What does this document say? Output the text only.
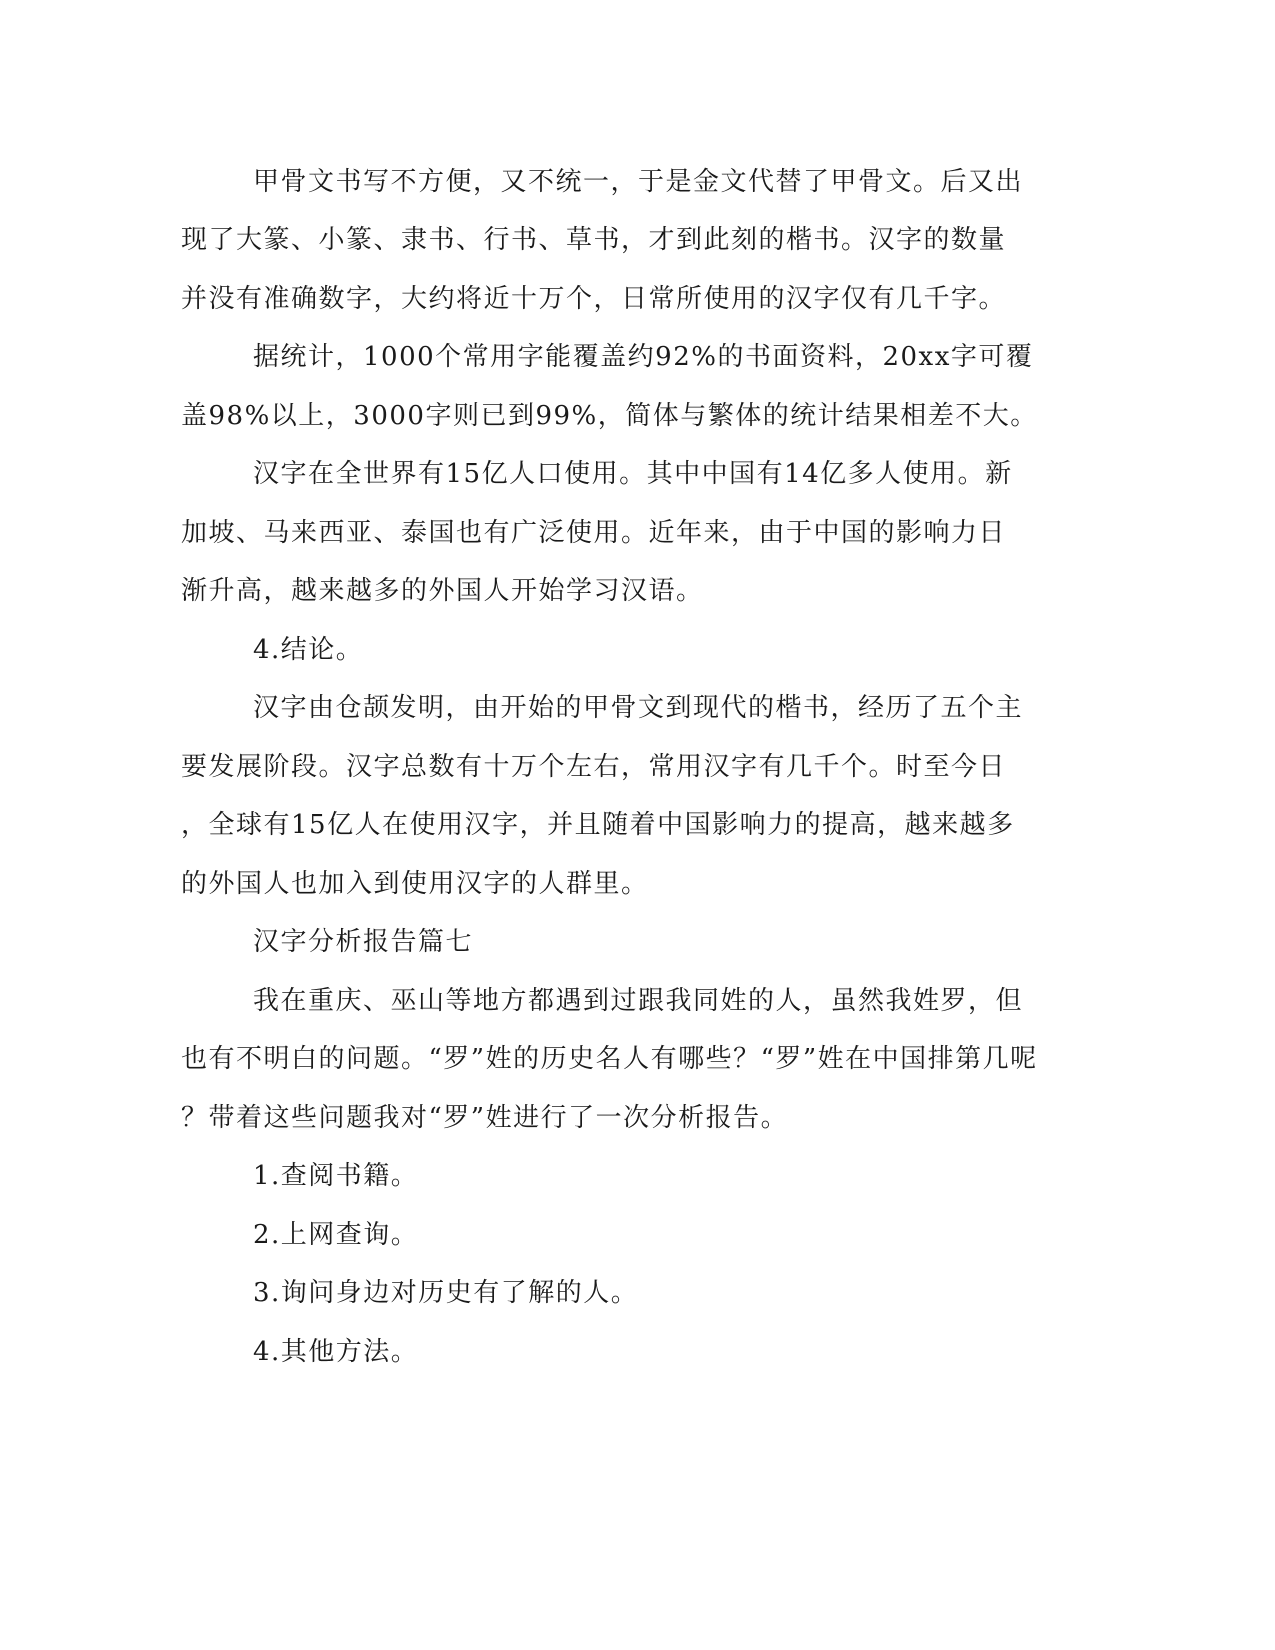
甲骨文书写不方便，又不统一，于是金文代替了甲骨文。后又出
现了大篆、小篆、隶书、行书、草书，才到此刻的楷书。汉字的数量
并没有准确数字，大约将近十万个，日常所使用的汉字仅有几千字。
据统计，1000个常用字能覆盖约92%的书面资料，20xx字可覆
盖98%以上，3000字则已到99%，简体与繁体的统计结果相差不大。
汉字在全世界有15亿人口使用。其中中国有14亿多人使用。新
加坡、马来西亚、泰国也有广泛使用。近年来，由于中国的影响力日
渐升高，越来越多的外国人开始学习汉语。
4.结论。
汉字由仓颉发明，由开始的甲骨文到现代的楷书，经历了五个主
要发展阶段。汉字总数有十万个左右，常用汉字有几千个。时至今日
，全球有15亿人在使用汉字，并且随着中国影响力的提高，越来越多
的外国人也加入到使用汉字的人群里。
汉字分析报告篇七
我在重庆、巫山等地方都遇到过跟我同姓的人，虽然我姓罗，但
也有不明白的问题。“罗”姓的历史名人有哪些？“罗”姓在中国排第几呢
？带着这些问题我对“罗”姓进行了一次分析报告。
1.查阅书籍。
2.上网查询。
3.询问身边对历史有了解的人。
4.其他方法。
